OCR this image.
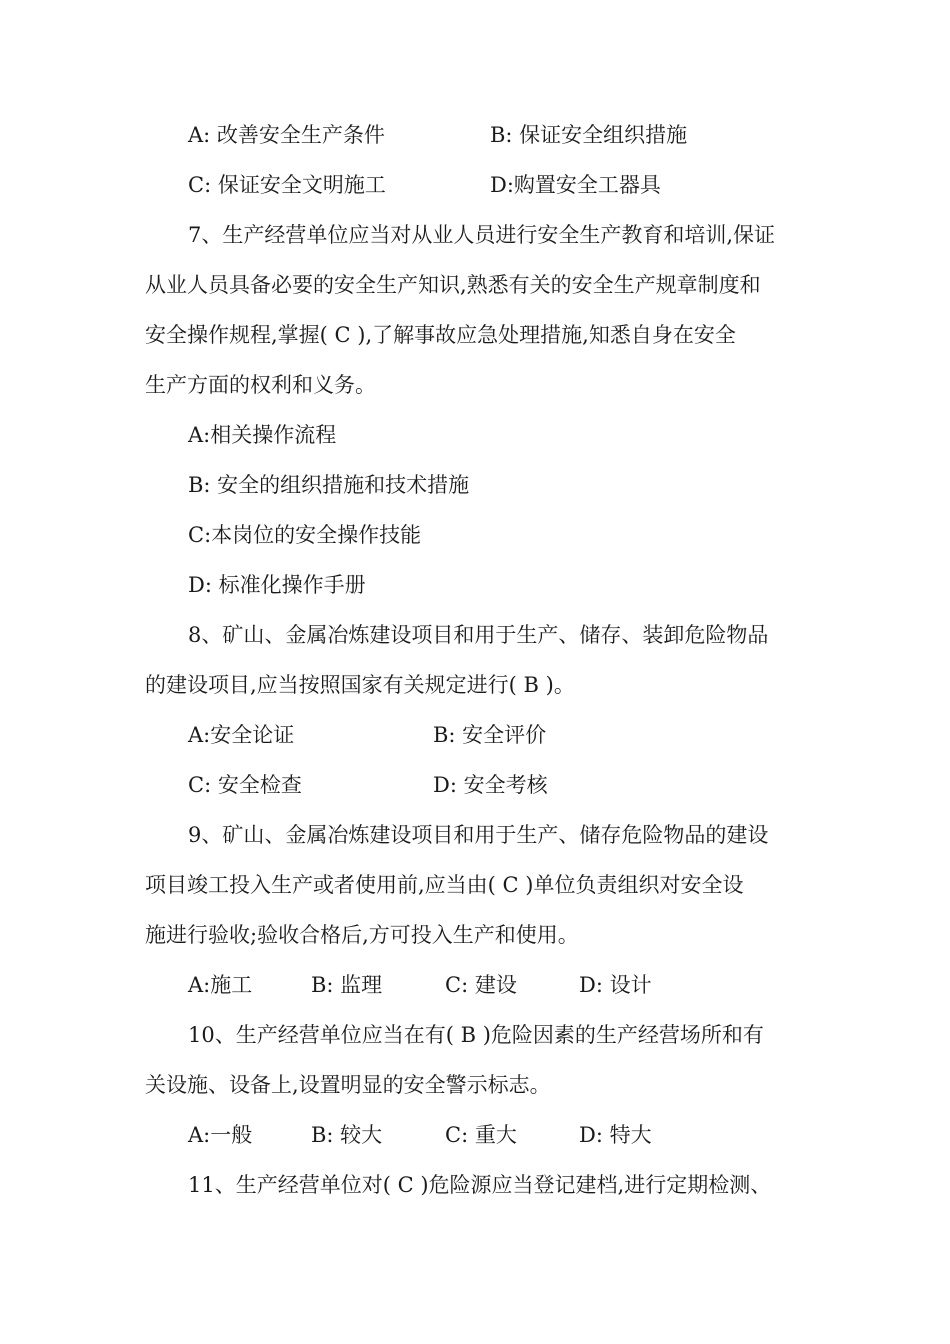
A: 改善安全生产条件	B: 保证安全组织措施
C: 保证安全文明施工	D:购置安全工器具
7、生产经营单位应当对从业人员进行安全生产教育和培训,保证
从业人员具备必要的安全生产知识,熟悉有关的安全生产规章制度和
安全操作规程,掌握( C ),了解事故应急处理措施,知悉自身在安全
生产方面的权利和义务。
A:相关操作流程
B: 安全的组织措施和技术措施
C:本岗位的安全操作技能
D: 标准化操作手册
8、矿山、金属冶炼建设项目和用于生产、储存、装卸危险物品
的建设项目,应当按照国家有关规定进行( B )。
A:安全论证	B: 安全评价
C: 安全检查	D: 安全考核
9、矿山、金属冶炼建设项目和用于生产、储存危险物品的建设
项目竣工投入生产或者使用前,应当由( C )单位负责组织对安全设
施进行验收;验收合格后,方可投入生产和使用。
A:施工	B: 监理	C: 建设	D: 设计
10、生产经营单位应当在有( B )危险因素的生产经营场所和有
关设施、设备上,设置明显的安全警示标志。
A:一般	B: 较大	C: 重大	D: 特大
11、生产经营单位对( C )危险源应当登记建档,进行定期检测、
